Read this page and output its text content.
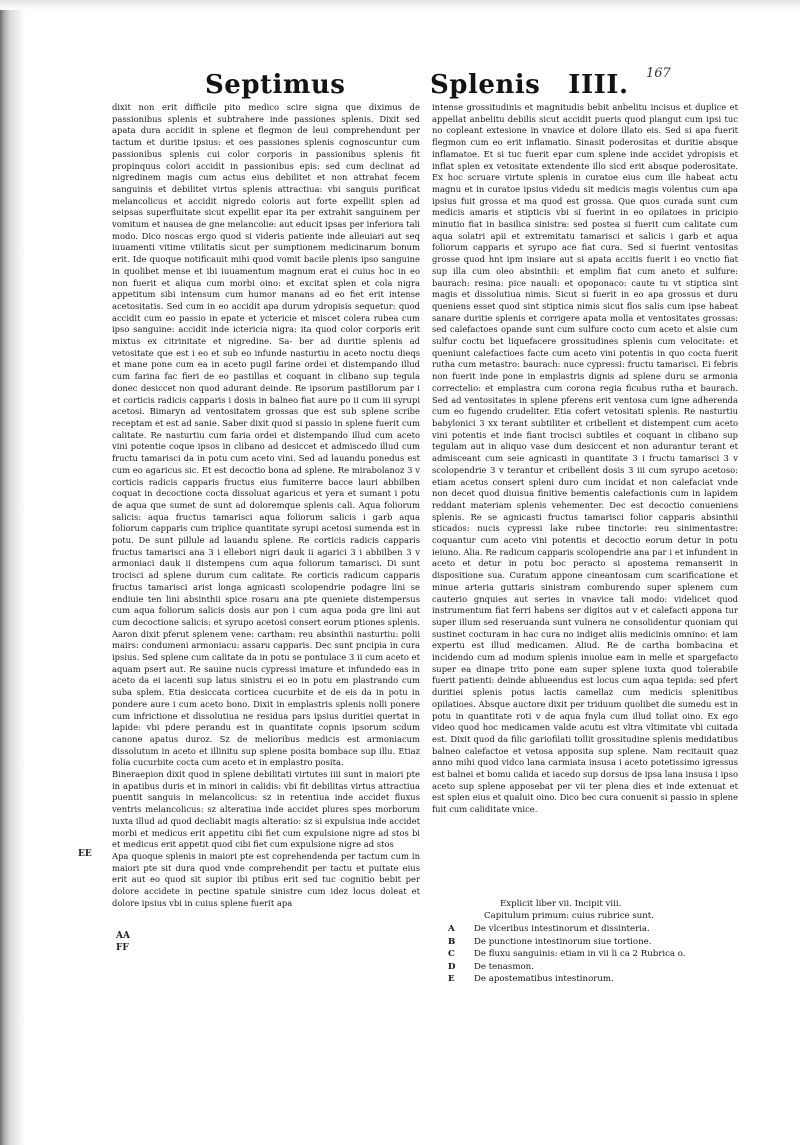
167
Septimus	Splenis IIII.
EE
AA
FF

dixit non erit difficile pito medico scire signa que diximus de passionibus splenis et subtrahere inde passiones splenis. Dixit sed apata dura accidit in splene et flegmon de leui comprehendunt per tactum et duritie ipsius: et oes passiones splenis cognoscuntur cum passionibus splenis cui color corporis in passionibus splenis fit propinquus colori accidit in passionibus epis: sed cum declinat ad nigredinem magis cum actus eius debilitet et non attrahat fecem sanguinis et debilitet virtus splenis attractiua: vbi sanguis purificat melancolicus et accidit nigredo coloris aut forte expellit splen ad seipsas superfluitate sicut expellit epar ita per extrahit sanguinem per vomitum et nausea de gne melancolie: aut educit ipsas per inferiora tali modo. Dico noscas ergo quod si videris patiente inde alleuiari aut seq iuuamenti vitime vtilitatis sicut per sumptionem medicinarum bonum erit. Ide quoque notificauit mihi quod vomit bacile plenis ipso sanguine in quolibet mense et ibi iuuamentum magnum erat ei cuius hoc in eo non fuerit et aliqua cum morbi oino: et excitat splen et cola nigra appetitum sibi intensum cum humor manans ad eo fiet erit intense acetositatis. Sed cum in eo accidit apa durum ydropisis sequetur: quod accidit cum eo passio in epate et yctericie et miscet colera rubea cum ipso sanguine: accidit inde ictericia nigra: ita quod color corporis erit mixtus ex citrinitate et nigredine. Sa- ber ad duritie splenis ad vetositate que est i eo et sub eo infunde nasturtiu in aceto noctu dieqs et mane pone cum ea in aceto pugil farine ordei et distempando illud cum farina fac fieri de eo pastillas et coquant in clibano sup tegula donec desiccet non quod adurant deinde. Re ipsorum pastillorum par i et corticis radicis capparis i dosis in balneo fiat aure po ii cum iii syrupi acetosi. Bimaryn ad ventositatem grossas que est sub splene scribe receptam et est ad sanie. Saber dixit quod si passio in splene fuerit cum calitate. Re nasturtiu cum faria ordei et distempando illud cum aceto vini potentie coque ipsos in clibano ad desiccet et admiscedo illud cum fructu tamarisci da in potu cum aceto vini. Sed ad lauandu ponedus est cum eo agaricus sic. Et est decoctio bona ad splene. Re mirabolanoz 3 v corticis radicis capparis fructus eius fumiterre bacce lauri abbilben coquat in decoctione cocta dissoluat agaricus et yera et sumant i potu de aqua que sumet de sunt ad doloremque splenis cali. Aqua foliorum salicis: aqua fructus tamarisci aqua foliorum salicis i garb aqua foliorum capparis cum triplice quantitate syrupi acetosi sumenda est in potu. De sunt pillule ad lauandu splene. Re corticis radicis capparis fructus tamarisci ana 3 i ellebori nigri dauk ii agarici 3 i abbilben 3 v armoniaci dauk ii distempens cum aqua foliorum tamarisci. Di sunt trocisci ad splene durum cum calitate. Re corticis radicum capparis fructus tamarisci arist longa agnicasti scolopendrie podagre lini se endiuie ten lini absinthii spice rosaru ana pte queniete distempersus cum aqua foliorum salicis dosis aur pon i cum aqua poda gre lini aut cum decoctione salicis: et syrupo acetosi consert eorum ptiones splenis. Aaron dixit pferut splenem vene: cartham: reu absinthii nasturtiu: polii mairs: condumeni armoniacu: assaru capparis. Dec sunt pncipia in cura ipsius. Sed splene cum calitate da in potu se pontulace 3 ii cum aceto et aquam psert aut. Re sauine nucis cypressi imature et infundedo eas in aceto da ei iacenti sup latus sinistru ei eo in potu em plastrando cum suba splem. Etia desiccata corticea cucurbite et de eis da in potu in pondere aure i cum aceto bono. Dixit in emplastris splenis nolli ponere cum infrictione et dissolutiua ne residua pars ipsius duritiei quertat in lapide: vbi pdere perandu est in quantitate copnis ipsorum scdum canone apatus duroz. Sz de melioribus medicis est armoniacum dissolutum in aceto et illinitu sup splene posita bombace sup illu. Etiaz folia cucurbite cocta cum aceto et in emplastro posita.

Bineraepion dixit quod in splene debilitati virtutes iiii sunt in maiori pte in apatibus duris et in minori in calidis: vbi fit debilitas virtus attractiua puentit sanguis in melancolicus: sz in retentiua inde accidet fluxus ventris melancolicus: sz alteratiua inde accidet plures spes morborum iuxta illud ad quod decliabit magis alteratio: sz si expulsiua inde accidet morbi et medicus erit appetitu cibi fiet cum expulsione nigre ad stos bi et medicus erit appetit quod cibi fiet cum expulsione nigre ad stos

Apa quoque splenis in maiori pte est coprehendenda per tactum cum in maiori pte sit dura quod vnde comprehendit per tactu et puitate eius erit aut eo quod sit supior ibi ptibus erit sed tuc cognitio bebit per dolore accidete in pectine spatule sinistre cum idez locus doleat et dolore ipsius vbi in cuius splene fuerit apa

intense grossitudinis et magnitudis bebit anbelitu incisus et duplice et appellat anbelitu debilis sicut accidit pueris quod plangut cum ipsi tuc no copleant extesione in vnavice et dolore illato eis. Sed si apa fuerit flegmon cum eo erit inflamatio. Sinasit poderositas et duritie absque inflamatoe. Et si tuc fuerit epar cum splene inde accidet ydropisis et inflat splen ex vetositate extendente illo sicd erit absque poderositate. Ex hoc scruare virtute splenis in curatoe eius cum ille habeat actu magnu et in curatoe ipsius videdu sit medicis magis volentus cum apa ipsius fuit grossa et ma quod est grossa. Que quos curada sunt cum medicis amaris et stipticis vbi si fuerint in eo opilatoes in pricipio minutio fiat in basilica sinistra: sed postea si fuerit cum calitate cum aqua solatri apii et extremitatu tamarisci et salicis i garb et aqua foliorum capparis et syrupo ace fiat cura. Sed si fuerint ventositas grosse quod hnt ipm insiare aut si apata accitis fuerit i eo vnctio fiat sup illa cum oleo absinthii: et emplim fiat cum aneto et sulfure: baurach: resina: pice nauali: et opoponaco: caute tu vt stiptica sint magis et dissolutiua nimis. Sicut si fuerit in eo apa grossus et duru queniens esset quod sint stiptica nimis sicut flos salis cum ipse habeat sanare duritie splenis et corrigere apata molla et ventositates grossas: sed calefactoes opande sunt cum sulfure cocto cum aceto et alsie cum sulfur coctu bet liquefacere grossitudines splenis cum velocitate: et queniunt calefactioes facte cum aceto vini potentis in quo cocta fuerit rutha cum metastro: baurach: nuce cypressi: fructu tamarisci. Ei febris non fuerit inde pone in emplastris dignis ad splene duru se armonia correctelio: et emplastra cum corona regia ficubus rutha et baurach. Sed ad ventositates in splene pferens erit ventosa cum igne adherenda cum eo fugendo crudeliter. Etia cofert vetositati splenis. Re nasturtiu babylonici 3 xx terant subtiliter et cribellent et distempent cum aceto vini potentis et inde fiant trocisci subtiles et coquant in clibano sup tegulam aut in aliquo vase dum desiccent et non adurantur terant et admisceant cum seie agnicasti in quantitate 3 i fructu tamarisci 3 v scolopendrie 3 v terantur et cribellent dosis 3 iii cum syrupo acetoso: etiam acetus consert spleni duro cum incidat et non calefaciat vnde non decet quod diuisua finitive bementis calefactionis cum in lapidem reddant materiam splenis vehementer. Dec est decoctio conueniens splenis. Re se agnicasti fructus tamarisci folior capparis absinthii sticados: nucis cypressi lake rubee tinctorie: reu sinimentastre: coquantur cum aceto vini potentis et decoctio eorum detur in potu ieiuno. Alia. Re radicum capparis scolopendrie ana par i et infundent in aceto et detur in potu boc peracto si apostema remanserit in dispositione sua. Curatum appone cineantosam cum scarificatione et minue arteria guttaris sinistram comburendo super splenem cum cauterio gnquies aut series in vnavice tali modo: videlicet quod instrumentum fiat ferri habens ser digitos aut v et calefacti appona tur super illum sed reseruanda sunt vulnera ne consolidentur quoniam qui sustinet cocturam in hac cura no indiget aliis medicinis omnino: et iam expertu est illud medicamen. Aliud. Re de cartha bombacina et incidendo cum ad modum splenis inuolue eam in melle et spargefacto super ea dinape trito pone eam super splene iuxta quod tolerabile fuerit patienti: deinde ablueendus est locus cum aqua tepida: sed pfert duritiei splenis potus lactis camellaz cum medicis splenitibus opilatioes. Absque auctore dixit per triduum quolibet die sumedu est in potu in quantitate roti v de aqua fnyla cum illud tollat oino. Ex ego video quod hoc medicamen valde acutu est vltra vltimitate vbi cuitada est. Dixit quod da filic gariofilati tollit grossitudine splenis medidatibus balneo calefactoe et vetosa apposita sup splene. Nam recitauit quaz anno mihi quod vidco lana carmiata insusa i aceto potetissimo igressus est balnei et bomu calida et iacedo sup dorsus de ipsa lana insusa i ipso aceto sup splene apposebat per vii ter plena dies et inde extenuat et est splen eius et qualuit oino. Dico bec cura conuenit si passio in splene fuit cum caliditate vnice.

Explicit liber vii. Incipit viii.
Capitulum primum: cuius rubrice sunt.
A	De vlceribus intestinorum et dissinteria.
B	De punctione intestinorum siue tortione.
C	De fluxu sanguinis: etiam in vii li ca 2 Rubrica o.
D	De tenasmon.
E	De apostematibus intestinorum.
